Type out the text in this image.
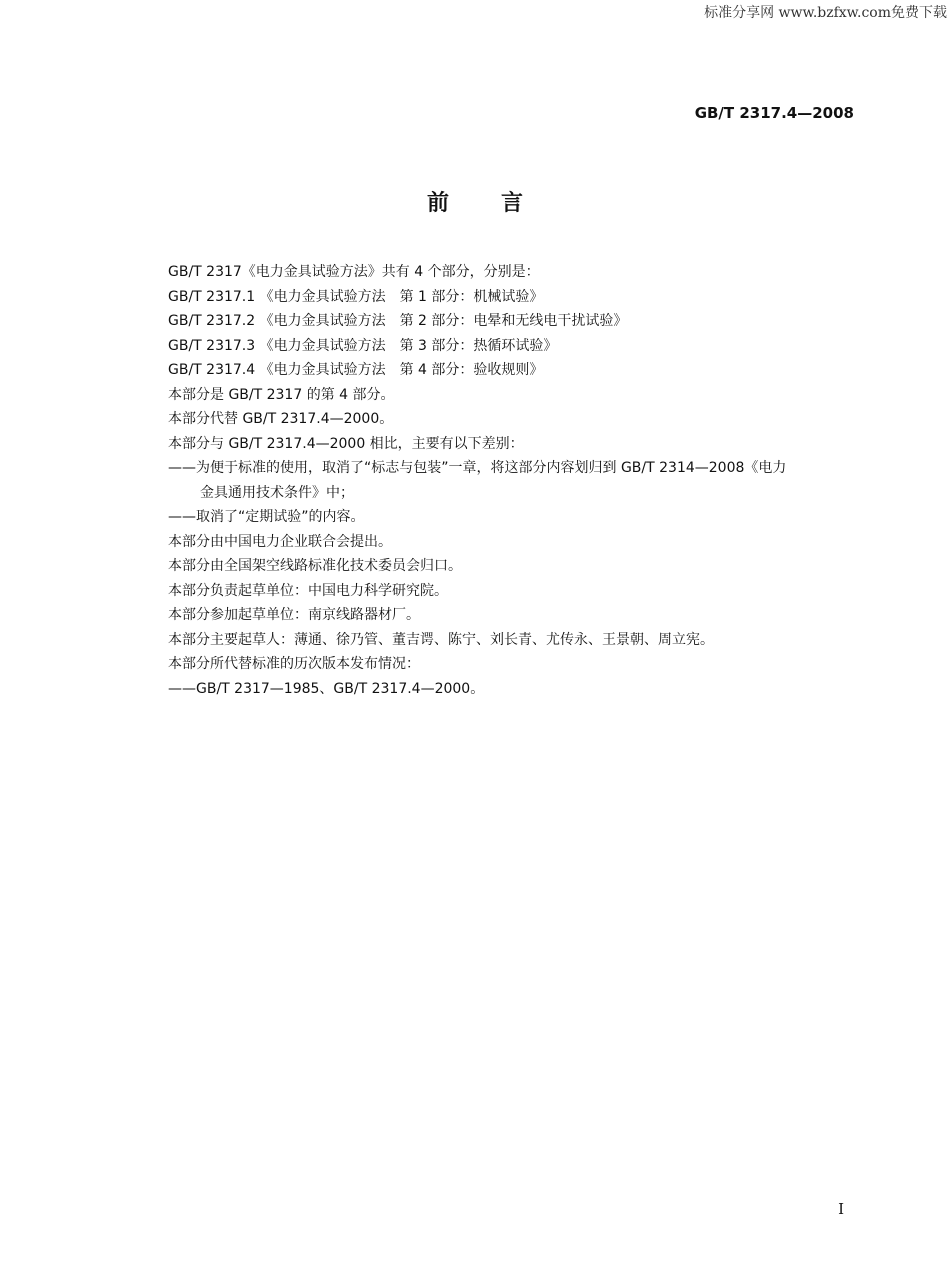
标准分享网 www.bzfxw.com免费下载
GB/T 2317.4—2008
前言
GB/T 2317《电力金具试验方法》共有 4 个部分，分别是：
GB/T 2317.1 《电力金具试验方法　第 1 部分：机械试验》
GB/T 2317.2 《电力金具试验方法　第 2 部分：电晕和无线电干扰试验》
GB/T 2317.3 《电力金具试验方法　第 3 部分：热循环试验》
GB/T 2317.4 《电力金具试验方法　第 4 部分：验收规则》
本部分是 GB/T 2317 的第 4 部分。
本部分代替 GB/T 2317.4—2000。
本部分与 GB/T 2317.4—2000 相比，主要有以下差别：
——为便于标准的使用，取消了“标志与包装”一章，将这部分内容划归到 GB/T 2314—2008《电力
金具通用技术条件》中；
——取消了“定期试验”的内容。
本部分由中国电力企业联合会提出。
本部分由全国架空线路标准化技术委员会归口。
本部分负责起草单位：中国电力科学研究院。
本部分参加起草单位：南京线路器材厂。
本部分主要起草人：薄通、徐乃管、董吉谔、陈宁、刘长青、尤传永、王景朝、周立宪。
本部分所代替标准的历次版本发布情况：
——GB/T 2317—1985、GB/T 2317.4—2000。
I
